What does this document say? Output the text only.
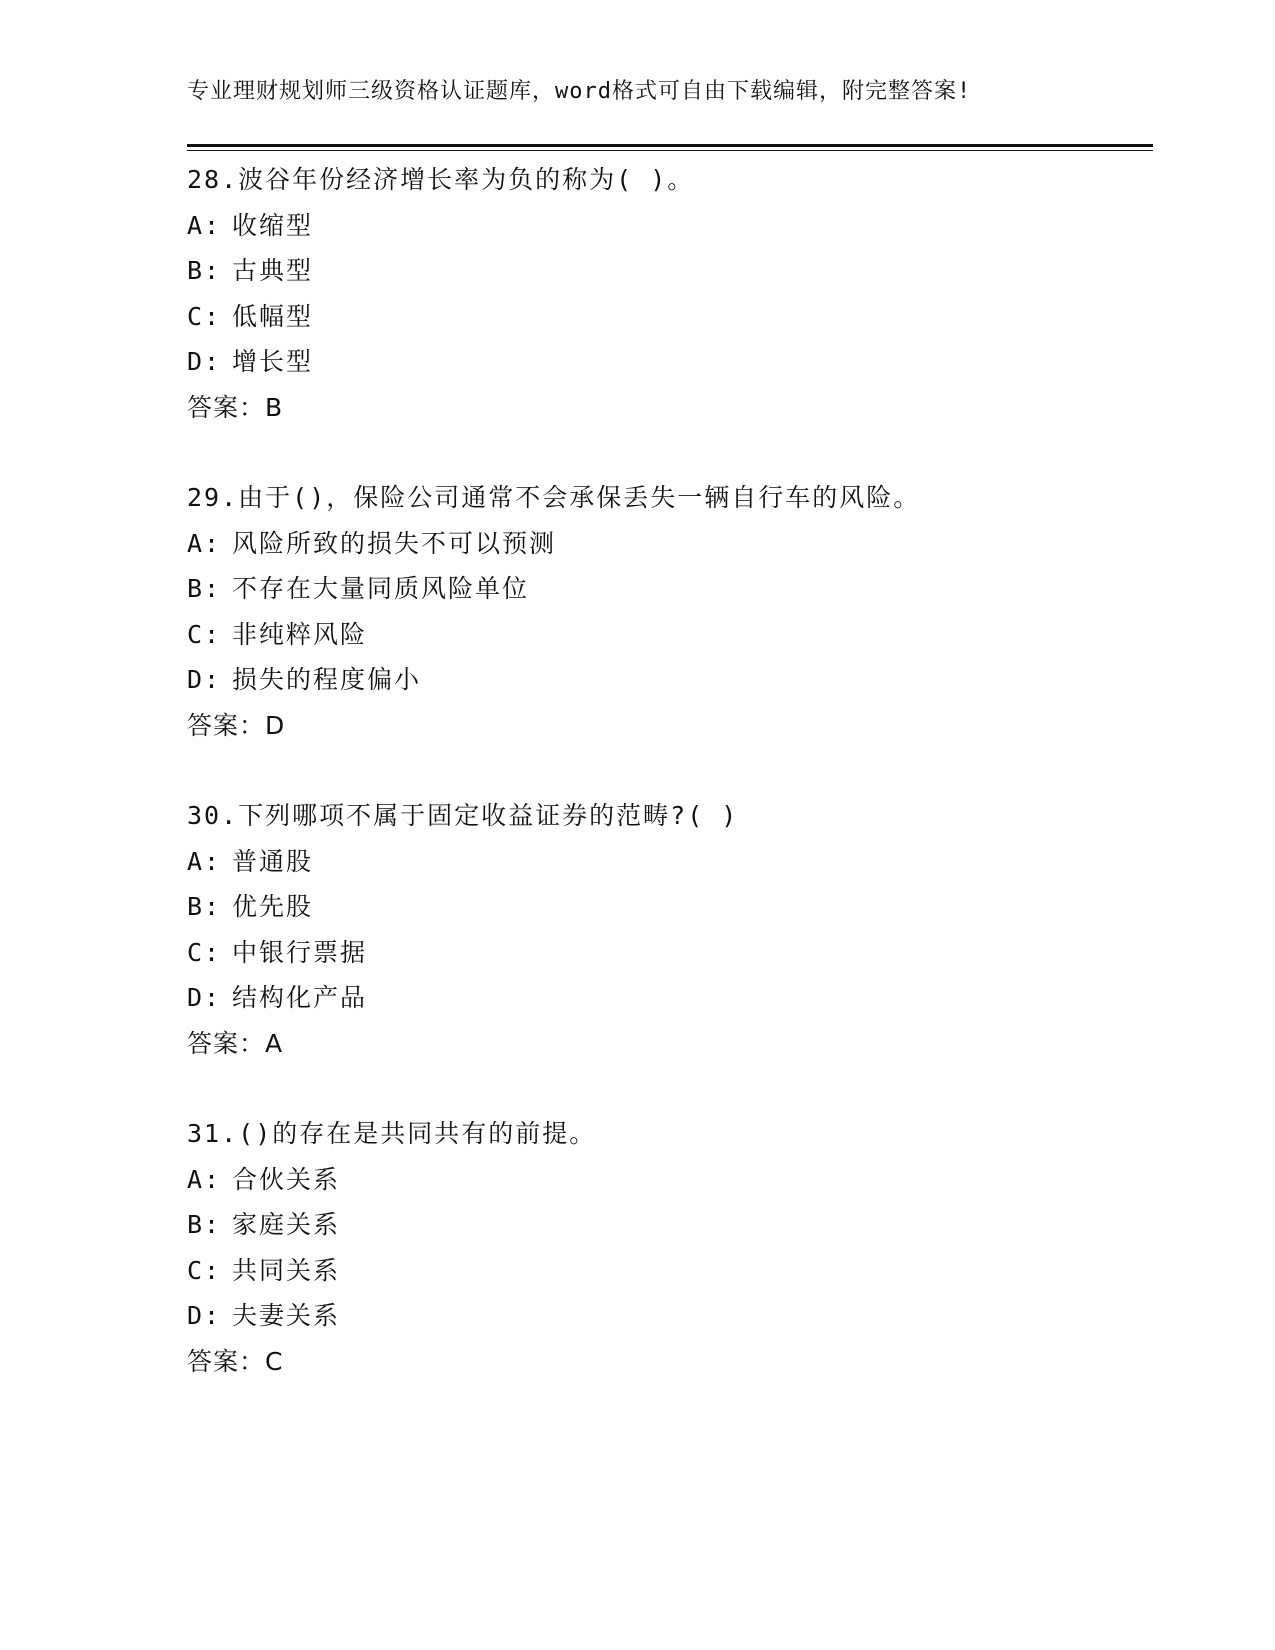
专业理财规划师三级资格认证题库，word格式可自由下载编辑，附完整答案!
28.波谷年份经济增长率为负的称为( )。
A: 收缩型
B: 古典型
C: 低幅型
D: 增长型
答案：B
29.由于()，保险公司通常不会承保丢失一辆自行车的风险。
A: 风险所致的损失不可以预测
B: 不存在大量同质风险单位
C: 非纯粹风险
D: 损失的程度偏小
答案：D
30.下列哪项不属于固定收益证券的范畴?( )
A: 普通股
B: 优先股
C: 中银行票据
D: 结构化产品
答案：A
31.()的存在是共同共有的前提。
A: 合伙关系
B: 家庭关系
C: 共同关系
D: 夫妻关系
答案：C
